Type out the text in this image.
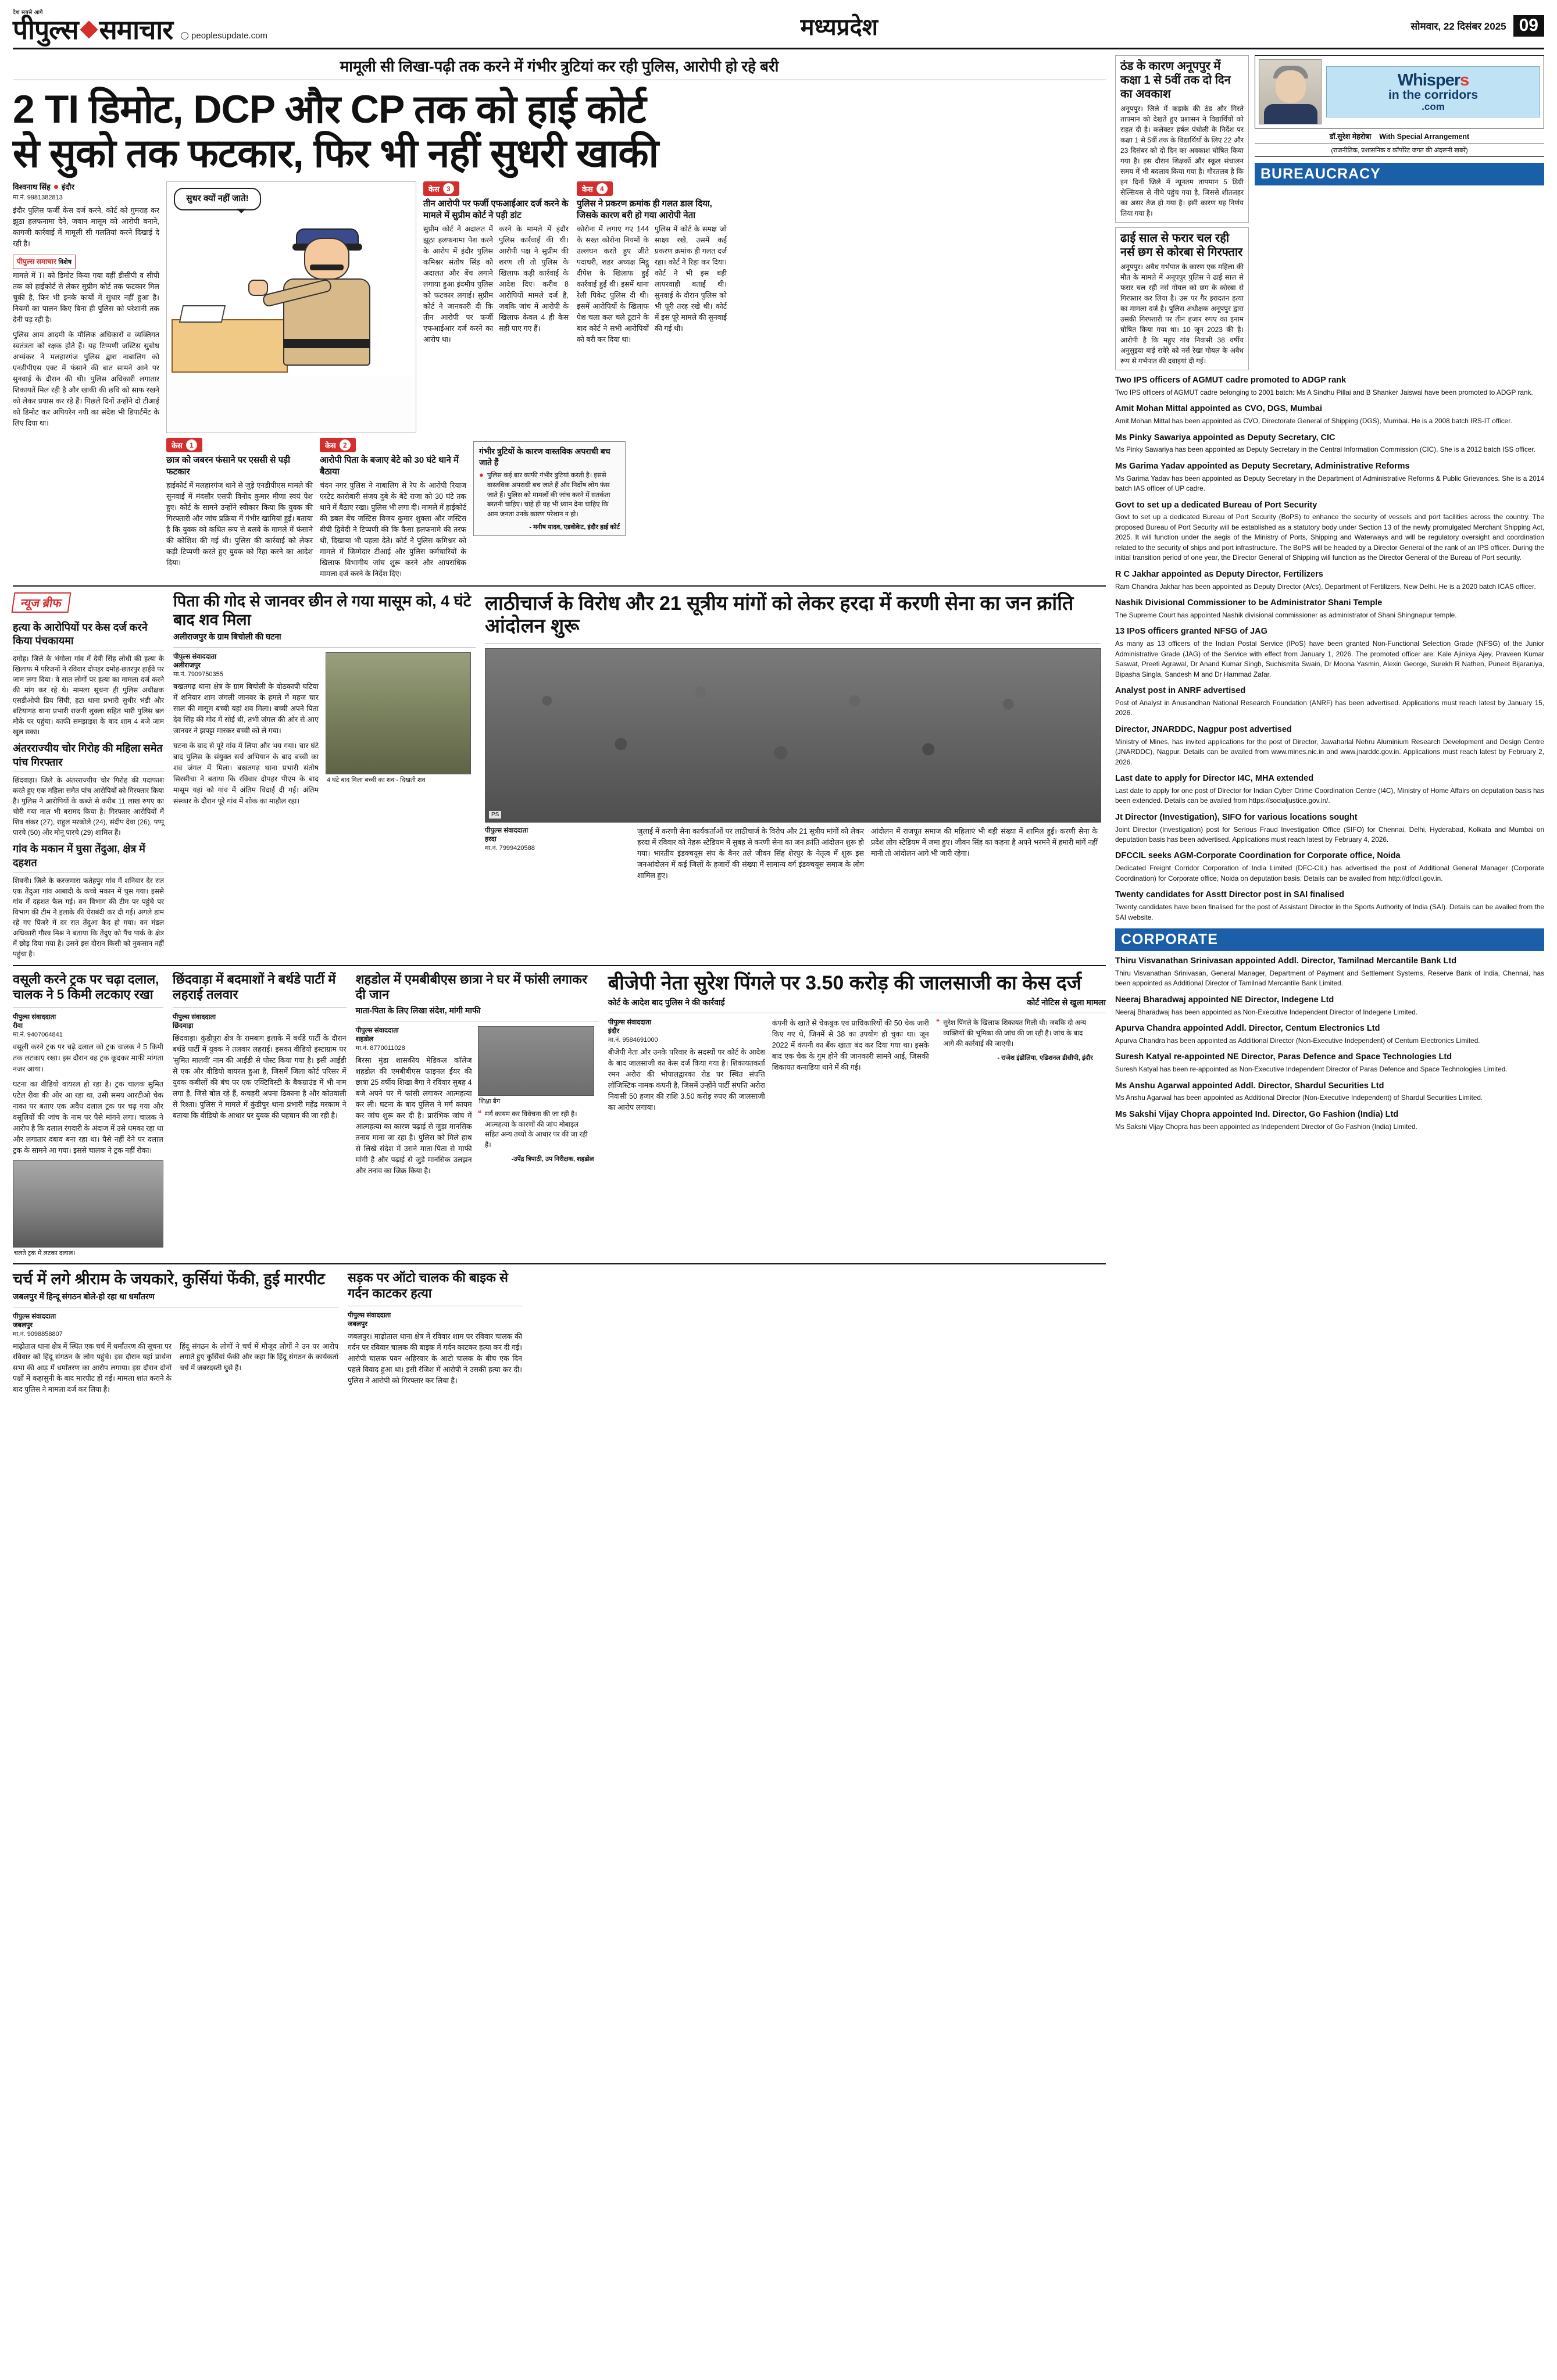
देश सबसे आगे
पीपुल्स समाचार peoplesupdate.com	मध्यप्रदेश	सोमवार, 22 दिसंबर 2025 09
मामूली सी लिखा-पढ़ी तक करने में गंभीर त्रुटियां कर रही पुलिस, आरोपी हो रहे बरी
2 TI डिमोट, DCP और CP तक को हाई कोर्ट
से सुको तक फटकार, फिर भी नहीं सुधरी खाकी
विश्वनाथ सिंह इंदौर
मा.नं. 9981382813

इंदौर पुलिस फर्जी केस दर्ज करने, कोर्ट को गुमराह कर झूठा हलफनामा देने, जवान मासूम को आरोपी बनाने, कागजी कार्रवाई में मामूली सी गलतियां करने दिखाई दे रही है।

पीपुल्स समाचार विशेष

मामले में TI को डिमोट किया गया वहीं डीसीपी व सीपी तक को हाईकोर्ट से लेकर सुप्रीम कोर्ट तक फटकार मिल चुकी है, फिर भी इनके कार्यों में सुधार नहीं हुआ है। नियमों का पालन किए बिना ही पुलिस को परेशानी तक देनी पड़ रही है।

पुलिस आम आदमी के मौलिक अधिकारों व व्यक्तिगत स्वतंत्रता को रक्षक होते हैं। यह टिप्पणी जस्टिस सुबोध अभ्यंकर ने मलहारगंज पुलिस द्वारा नाबालिग को एनडीपीएस एक्ट में फंसाने की बात सामने आने पर सुनवाई के दौरान की थी। पुलिस अधिकारी लगातार शिकायतें मिल रही है और खाकी की छवि को साफ रखने को लेकर प्रयास कर रहे हैं। पिछले दिनों उन्होंने दो टीआई को डिमोट कर अपियरेन नयी का संदेश भी डिपार्टमेंट के लिए दिया था।

सुधर क्यों नहीं जाते!
केस	3
तीन आरोपी पर फर्जी एफआईआर दर्ज करने के मामले में सुप्रीम कोर्ट ने पड़ी डांट
सुप्रीम कोर्ट ने अदालत में झूठा हलफनामा पेश करने के आरोप में इंदौर पुलिस कमिश्नर संतोष सिंह को अदालत और बेंच लगाने लगाया हुआ इंदमीय पुलिस को फटकार लगाई। सुप्रीम कोर्ट ने जानकारी दी कि तीन आरोपी पर फर्जी एफआईआर दर्ज करने का आरोप था।
करने के मामले में इंदौर पुलिस कार्रवाई की थी। आरोपी पक्ष ने सुप्रीम की शरण ली तो पुलिस के खिलाफ कड़ी कार्रवाई के आदेश दिए। करीब 8 आरोपियों मामले दर्ज है, जबकि जांच में आरोपी के खिलाफ केवल 4 ही केस सही पाए गए हैं।
केस	4
पुलिस ने प्रकरण क्रमांक ही गलत डाल दिया, जिसके कारण बरी हो गया आरोपी नेता
कोरोना में लगाए गए 144 के सख्त कोरोना नियमों के उल्लंघन करते हुए जीते पदाधरी, शहर अध्यक्ष मिट्ठू दीपेश के खिलाफ हुई कार्रवाई हुई थी। इसमें थाना रेली पिकेट पुलिस दी थी। इसमें आरोपियों के खिलाफ पेश चला कल चले टूटाने के बाद कोर्ट ने सभी आरोपियों को बरी कर दिया था।
पुलिस में कोर्ट के समक्ष जो साक्ष्य रखे, उसमें कई प्रकरण क्रमांक ही गलत दर्ज रहा। कोर्ट ने रिहा कर दिया। कोर्ट ने भी इस बड़ी लापरवाही बताई थी। सुनवाई के दौरान पुलिस को भी पूरी तरह रखे थी। कोर्ट में इस पूरे मामले की सुनवाई की गई थी।
केस	1
छात्र को जबरन फंसाने पर एससी से पड़ी फटकार
हाईकोर्ट में मलहारगंज थाने से जुड़े एनडीपीएस मामले की सुनवाई में मंदसौर एसपी विनोद कुमार मीणा स्वयं पेश हुए। कोर्ट के सामने उन्होंने स्वीकार किया कि युवक की गिरफ्तारी और जांच प्रक्रिया में गंभीर खामियां हुई। बताया है कि युवक को कथित रूप से बलवे के मामले में फंसाने की कोशिश की गई थी। पुलिस की कार्रवाई को लेकर कड़ी टिप्पणी करते हुए युवक को रिहा करने का आदेश दिया।
केस	2
आरोपी पिता के बजाए बेटे को 30 घंटे थाने में बैठाया
चंदन नगर पुलिस ने नाबालिग से रेप के आरोपी रियाज एरटेट कारोबारी संजय दुबे के बेटे राजा को 30 घंटे तक थाने में बैठाए रखा। पुलिस भी लगा दी। मामले में हाईकोर्ट की डबल बेंच जस्टिस विजय कुमार शुक्ला और जस्टिस बीपी द्विवेदी ने टिप्पणी की कि कैसा हलफनामे की तरफ थी, दिखाया भी पहला देते। कोर्ट ने पुलिस कमिश्नर को मामले में जिम्मेदार टीआई और पुलिस कर्मचारियों के खिलाफ विभागीय जांच शुरू करने और आपराधिक मामला दर्ज करने के निर्देश दिए।
गंभीर त्रुटियों के कारण वास्तविक अपराधी बच जाते हैं
● पुलिस कई बार काफी गंभीर त्रुटियां करती है। इससे वास्तविक अपराधी बच जाते हैं और निर्दोष लोग फंस जाते हैं। पुलिस को मामलों की जांच करने में सतर्कता बरतनी चाहिए। चाहे ही यह भी ध्यान देना चाहिए कि आम जनता उनके कारण परेशान न हो।
- मनीष यादव, एडवोकेट, इंदौर हाई कोर्ट
न्यूज ब्रीफ
हत्या के आरोपियों पर केस दर्ज करने किया पंचकायमा
दमोह। जिले के भंगोला गांव में देवी सिंह लोधी की हत्या के खिलाफ में परिजनों ने रविवार दोपहर दमोह-छतरपुर हाईवे पर जाम लगा दिया। वे सात लोगों पर हत्या का मामला दर्ज करने की मांग कर रहे थे। मामला सूचना ही पुलिस अधीक्षक एसडीओपी प्रिय सिंघी, हटा थाना प्रभारी सुधीर भंडी और बटियागढ़ थाना प्रभारी राजनी शुक्ला सहित भारी पुलिस बल मौके पर पहुंचा। काफी समझाइश के बाद शाम 4 बजे जाम खुल सका।
अंतरराज्यीय चोर गिरोह की महिला समेत पांच गिरफ्तार
छिंदवाड़ा। जिले के अंतरराज्यीय चोर गिरोह की पदाफाश करते हुए एक महिला समेत पांच आरोपियों को गिरफ्तार किया है। पुलिस ने आरोपियों के कब्जे से करीब 11 लाख रुपए का चोरी गया माल भी बरामद किया है। गिरफ्तार आरोपियों में शिव शंकर (27), राहुल मरकोले (24), संदीप देवा (26), पप्पू पारचे (50) और मोनू पारचे (29) शामिल हैं।
गांव के मकान में घुसा तेंदुआ, क्षेत्र में दहशत
शिवनी। जिले के करजमारा फतेहपुर गांव में शनिवार देर रात एक तेंदुआ गांव आबादी के कच्चे मकान में घुस गया। इससे गांव में दहशत फैल गई। वन विभाग की टीम पर पहुंचे पर विभाग की टीम ने इलाके की घेराबंदी कर दी गई। अगले डाम रहे गए पिंजरे में दर रात तेंदुआ कैद हो गया। वन मंडल अधिकारी गौरव मिश्र ने बताया कि तेंदुए को पैंच पार्क के क्षेत्र में छोड़ दिया गया है। उसने इस दौरान किसी को नुकसान नहीं पहुंचा है।
पिता की गोद से जानवर छीन ले गया मासूम को, 4 घंटे बाद शव मिला
अलीराजपुर के ग्राम बिचोली की घटना
पीपुल्स संवाददाता
अलीराजपुर
मा.नं. 7909750355

बखतगढ़ थाना क्षेत्र के ग्राम बिचोली के वोठकापी घटिया में शनिवार शाम जंगली जानवर के हमले में महज चार साल की मासूम बच्ची यहां शव मिला। बच्ची अपने पिता देव सिंह की गोद में सोई थी, तभी जंगल की ओर से आए जानवर ने झपट्टा मारकर बच्ची को ले गया।

घटना के बाद से पूरे गांव में लिपा और भय गया। चार घंटे बाद पुलिस के संयुक्त सर्च अभियान के बाद बच्ची का शव जंगल में मिला। बखतगढ़ थाना प्रभारी संतोष सिरसीचा ने बताया कि रविवार दोपहर पीएम के बाद मासूम यहां को गांव में अंतिम विदाई दी गई। अंतिम संस्कार के दौरान पूरे गांव में शोक का माहौल रहा।

4 घंटे बाद मिला बच्ची का शव - दिखती शव
लाठीचार्ज के विरोध और 21 सूत्रीय मांगों को लेकर हरदा में करणी सेना का जन क्रांति आंदोलन शुरू
PS
पीपुल्स संवाददाता
हरदा
मा.नं. 7999420588
जुलाई में करणी सेना कार्यकर्ताओं पर लाठीचार्ज के विरोध और 21 सूत्रीय मांगों को लेकर हरदा में रविवार को नेहरू स्टेडियम में सुबह से करणी सेना का जन क्रांति आंदोलन शुरू हो गया। भारतीय इंडक्चयूस संघ के बैनर तले जीवन सिंह शेरपुर के नेतृत्व में शुरू इस जनआंदोलन में कई जिलों के हजारों की संख्या में सामान्य वर्ग इंडक्चयूस समाज के लोग शामिल हुए।
आंदोलन में राजपूत समाज की महिलाएं भी बड़ी संख्या में शामिल हुई। करणी सेना के प्रदेश लोग स्टेडियम में जमा हुए। जीवन सिंह का कहना है अपने भरमने में हमारी मांगें नहीं मानी तो आंदोलन आगे भी जारी रहेगा।
वसूली करने ट्रक पर चढ़ा दलाल, चालक ने 5 किमी लटकाए रखा
पीपुल्स संवाददाता
रीवा
मा.नं. 9407064841

वसूली करने ट्रक पर चढ़े दलाल को ट्रक चालक ने 5 किमी तक लटकाए रखा। इस दौरान वह ट्रक कूदकर माफी मांगता नजर आया।

घटना का वीडियो वायरल हो रहा है। ट्रक चालक सुमित एटेल रीवा की ओर आ रहा था, उसी समय आरटीओ चेक नाका पर बताए एक अवैध दलाल ट्रक पर चढ़ गया और वसूलियों की जांच के नाम पर पैसे मांगने लगा। चालक ने आरोप है कि दलाल रंगदारी के अंदाज में उसे धमका रहा था और लगातार दबाव बना रहा था। पैसे नहीं देने पर दलाल ट्रक के सामने आ गया। इससे चालक ने ट्रक नहीं रोका।

चलते ट्रक में लटका दलाल।
छिंदवाड़ा में बदमाशों ने बर्थडे पार्टी में लहराई तलवार
पीपुल्स संवाददाता
छिंदवाड़ा

छिंदवाड़ा। कुंडीपुरा क्षेत्र के रामबाग इलाके में बर्थडे पार्टी के दौरान बर्थडे पार्टी में युवक ने तलवार लहराई। इसका वीडियो इंस्टाग्राम पर 'सुमित मालवी' नाम की आईडी से पोस्ट किया गया है। इसी आईडी से एक और वीडियो वायरल हुआ है, जिसमें जिला कोर्ट परिसर में युवक कबीलों की बंच पर एक एक्टिविस्टी के बैकग्राउंड में भी नाम लगा है, जिसे बोल रहे हैं, कचहरी अपना ठिकाना है और कोतवाली से रिश्ता। पुलिस ने मामले में कुंडीपुर थाना प्रभारी महेंद्र मरकाम ने बताया कि वीडियो के आधार पर युवक की पहचान की जा रही है।

शहडोल में एमबीबीएस छात्रा ने घर में फांसी लगाकर दी जान
माता-पिता के लिए लिखा संदेश, मांगी माफी
पीपुल्स संवाददाता
शहडोल
मा.नं. 8770011028

बिरसा मुंडा शासकीय मेडिकल कॉलेज शहडोल की एमबीबीएस फाइनल ईयर की छात्रा 25 वर्षीय शिखा बैगा ने रविवार सुबह 4 बजे अपने घर में फांसी लगाकर आत्महत्या कर ली। घटना के बाद पुलिस ने मर्ग कायम कर जांच शुरू कर दी है। प्रारंभिक जांच में आत्महत्या का कारण पढ़ाई से जुड़ा मानसिक तनाव माना जा रहा है। पुलिस को मिले हाथ से लिखे संदेश में उसने माता-पिता से माफी मांगी है और पढ़ाई से जुड़े मानसिक उलझन और तनाव का जिक्र किया है।

शिक्षा बैग
❝ मर्ग कायम कर विवेचना की जा रही है। आत्महत्या के कारणों की जांच मोबाइल सहित अन्य तथ्यों के आधार पर की जा रही है।
-उपेंद्र त्रिपाठी, उप निरीक्षक, शहडोल
बीजेपी नेता सुरेश पिंगले पर 3.50 करोड़ की जालसाजी का केस दर्ज
कोर्ट के आदेश बाद पुलिस ने की कार्रवाई	कोर्ट नोटिस से खुला मामला
पीपुल्स संवाददाता
इंदौर
मा.नं. 9584691000
बीजेपी नेता और उनके परिवार के सदस्यों पर कोर्ट के आदेश के बाद जालसाजी का केस दर्ज किया गया है। शिकायतकर्ता रमन अरोरा की भोपालद्वारका रोड पर स्थित संपत्ति लॉजिस्टिक नामक कंपनी है, जिसमें उन्होंने पार्टी संपत्ति अरोरा निवासी 50 हजार की राशि 3.50 करोड़ रुपए की जालसाजी का आरोप लगाया।
कंपनी के खाते से चेकबुक एवं प्राधिकारियों की 50 चेक जारी किए गए थे, जिनमें से 38 का उपयोग हो चुका था। जून 2022 में कंपनी का बैंक खाता बंद कर दिया गया था। इसके बाद एक चेक के गुम होने की जानकारी सामने आई, जिसकी शिकायत कनाडिया थाने में की गई।
❝ सुरेश पिंगले के खिलाफ शिकायत मिली थी। जबकि दो अन्य व्यक्तियों की भूमिका की जांच की जा रही है। जांच के बाद आगे की कार्रवाई की जाएगी।
- राजेश इंडोलिया, एडिशनल डीसीपी, इंदौर
चर्च में लगे श्रीराम के जयकारे, कुर्सियां फेंकी, हुई मारपीट
जबलपुर में हिन्दू संगठन बोले-हो रहा था धर्मांतरण
पीपुल्स संवाददाता
जबलपुर
मा.नं. 9098858807

माढ़ोताल थाना क्षेत्र में स्थित एक चर्च में धर्मांतरण की सूचना पर रविवार को हिंदू संगठन के लोग पहुंचे। इस दौरान यहां प्रार्थना सभा की आड़ में धर्मांतरण का आरोप लगाया। इस दौरान दोनों पक्षों में कहासुनी के बाद मारपीट हो गई। मामला शांत कराने के बाद पुलिस ने मामला दर्ज कर लिया है।

हिंदू संगठन के लोगों ने चर्च में मौजूद लोगों ने उन पर आरोप लगाते हुए कुर्सियां फेंकी और कहा कि हिंदू संगठन के कार्यकर्ता चर्च में जबरदस्ती घुसे हैं।

सड़क पर ऑटो चालक की बाइक से गर्दन काटकर हत्या
पीपुल्स संवाददाता
जबलपुर
जबलपुर। माढ़ोताल थाना क्षेत्र में रविवार शाम पर रविवार चालक की गर्दन पर रविवार चालक की बाइक में गर्दन काटकर हत्या कर दी गई। आरोपी चालक पवन अहिरवार के आटो चालक के बीच एक दिन पहले विवाद हुआ था। इसी रंजिश में आरोपी ने उसकी हत्या कर दी। पुलिस ने आरोपी को गिरफ्तार कर लिया है।
ठंड के कारण अनूपपुर में कक्षा 1 से 5वीं तक दो दिन का अवकाश
अनूपपुर। जिले में कड़ाके की ठंड और गिरते तापमान को देखते हुए प्रशासन ने विद्यार्थियों को राहत दी है। कलेक्टर हर्षल पंचोली के निर्देश पर कक्षा 1 से 5वीं तक के विद्यार्थियों के लिए 22 और 23 दिसंबर को दो दिन का अवकाश घोषित किया गया है। इस दौरान शिक्षकों और स्कूल संचालन समय में भी बदलाव किया गया है। गौरतलब है कि इन दिनों जिले में न्यूनतम तापमान 5 डिग्री सेल्सियस से नीचे पहुंच गया है, जिससे शीतलहर का असर तेज हो गया है। इसी कारण यह निर्णय लिया गया है।
ढाई साल से फरार चल रही नर्स छग से कोरबा से गिरफ्तार
अनूपपुर। अवैध गर्भपात के कारण एक महिला की मौत के मामले में अनूपपुर पुलिस ने ढाई साल से फरार चल रही नर्स गोयल को छग के कोरबा से गिरफ्तार कर लिया है। उस पर गैर इरादतन हत्या का मामला दर्ज है। पुलिस अधीक्षक अनूपपुर द्वारा उसकी गिरफ्तारी पर तीन हजार रुपए का इनाम घोषित किया गया था। 10 जून 2023 की है। आरोपी है कि महुए गांव निवासी 38 वर्षीय अनुसुइया बाई रावेरे को नर्स रेखा गोयल के अवैध रूप से गर्भपात की दवाइयां दी गई।
Whispers
in the corridors
.com
डॉ.सुरेश मेहरोत्रा    With Special Arrangement
(राजनीतिक, प्रशासनिक व कॉर्पोरेट जगत की अंदरूनी खबरें)
BUREAUCRACY
Two IPS officers of AGMUT cadre promoted to ADGP rank
Two IPS officers of AGMUT cadre belonging to 2001 batch: Ms A Sindhu Pillai and B Shanker Jaiswal have been promoted to ADGP rank.
Amit Mohan Mittal appointed as CVO, DGS, Mumbai
Amit Mohan Mittal has been appointed as CVO, Directorate General of Shipping (DGS), Mumbai. He is a 2008 batch IRS-IT officer.
Ms Pinky Sawariya appointed as Deputy Secretary, CIC
Ms Pinky Sawariya has been appointed as Deputy Secretary in the Central Information Commission (CIC). She is a 2012 batch ISS officer.
Ms Garima Yadav appointed as Deputy Secretary, Administrative Reforms
Ms Garima Yadav has been appointed as Deputy Secretary in the Department of Administrative Reforms & Public Grievances. She is a 2014 batch IAS officer of UP cadre.
Govt to set up a dedicated Bureau of Port Security
Govt to set up a dedicated Bureau of Port Security (BoPS) to enhance the security of vessels and port facilities across the country. The proposed Bureau of Port Security will be established as a statutory body under Section 13 of the newly promulgated Merchant Shipping Act, 2025. It will function under the aegis of the Ministry of Ports, Shipping and Waterways and will be regulatory oversight and coordination related to the security of ships and port infrastructure. The BoPS will be headed by a Director General of the rank of an IPS officer. During the initial transition period of one year, the Director General of Shipping will function as the Director General of the Bureau of Port security.
R C Jakhar appointed as Deputy Director, Fertilizers
Ram Chandra Jakhar has been appointed as Deputy Director (A/cs), Department of Fertilizers, New Delhi. He is a 2020 batch ICAS officer.
Nashik Divisional Commissioner to be Administrator Shani Temple
The Supreme Court has appointed Nashik divisional commissioner as administrator of Shani Shingnapur temple.
13 IPoS officers granted NFSG of JAG
As many as 13 officers of the Indian Postal Service (IPoS) have been granted Non-Functional Selection Grade (NFSG) of the Junior Administrative Grade (JAG) of the Service with effect from January 1, 2026. The promoted officer are: Kale Ajinkya Ajey, Praveen Kumar Saswat, Preeti Agrawal, Dr Anand Kumar Singh, Suchismita Swain, Dr Moona Yasmin, Alexin George, Surekh R Nathen, Puneet Bijaraniya, Bipasha Singla, Sandesh M and Dr Hammad Zafar.
Analyst post in ANRF advertised
Post of Analyst in Anusandhan National Research Foundation (ANRF) has been advertised. Applications must reach latest by January 15, 2026.
Director, JNARDDC, Nagpur post advertised
Ministry of Mines, has invited applications for the post of Director, Jawaharlal Nehru Aluminium Research Development and Design Centre (JNARDDC), Nagpur. Details can be availed from www.mines.nic.in and www.jnarddc.gov.in. Applications must reach latest by February 2, 2026.
Last date to apply for Director I4C, MHA extended
Last date to apply for one post of Director for Indian Cyber Crime Coordination Centre (I4C), Ministry of Home Affairs on deputation basis has been extended. Details can be availed from https://socialjustice.gov.in/.
Jt Director (Investigation), SIFO for various locations sought
Joint Director (Investigation) post for Serious Fraud Investigation Office (SIFO) for Chennai, Delhi, Hyderabad, Kolkata and Mumbai on deputation basis has been advertised. Applications must reach latest by February 4, 2026.
DFCCIL seeks AGM-Corporate Coordination for Corporate office, Noida
Dedicated Freight Corridor Corporation of India Limited (DFC-CIL) has advertised the post of Additional General Manager (Corporate Coordination) for Corporate office, Noida on deputation basis. Details can be availed from http://dfccil.gov.in.
Twenty candidates for Asstt Director post in SAI finalised
Twenty candidates have been finalised for the post of Assistant Director in the Sports Authority of India (SAI). Details can be availed from the SAI website.
CORPORATE
Thiru Visvanathan Srinivasan appointed Addl. Director, Tamilnad Mercantile Bank Ltd
Thiru Visvanathan Srinivasan, General Manager, Department of Payment and Settlement Systems, Reserve Bank of India, Chennai, has been appointed as Additional Director of Tamilnad Mercantile Bank Limited.
Neeraj Bharadwaj appointed NE Director, Indegene Ltd
Neeraj Bharadwaj has been appointed as Non-Executive Independent Director of Indegene Limited.
Apurva Chandra appointed Addl. Director, Centum Electronics Ltd
Apurva Chandra has been appointed as Additional Director (Non-Executive Independent) of Centum Electronics Limited.
Suresh Katyal re-appointed NE Director, Paras Defence and Space Technologies Ltd
Suresh Katyal has been re-appointed as Non-Executive Independent Director of Paras Defence and Space Technologies Limited.
Ms Anshu Agarwal appointed Addl. Director, Shardul Securities Ltd
Ms Anshu Agarwal has been appointed as Additional Director (Non-Executive Independent) of Shardul Securities Limited.
Ms Sakshi Vijay Chopra appointed Ind. Director, Go Fashion (India) Ltd
Ms Sakshi Vijay Chopra has been appointed as Independent Director of Go Fashion (India) Limited.
